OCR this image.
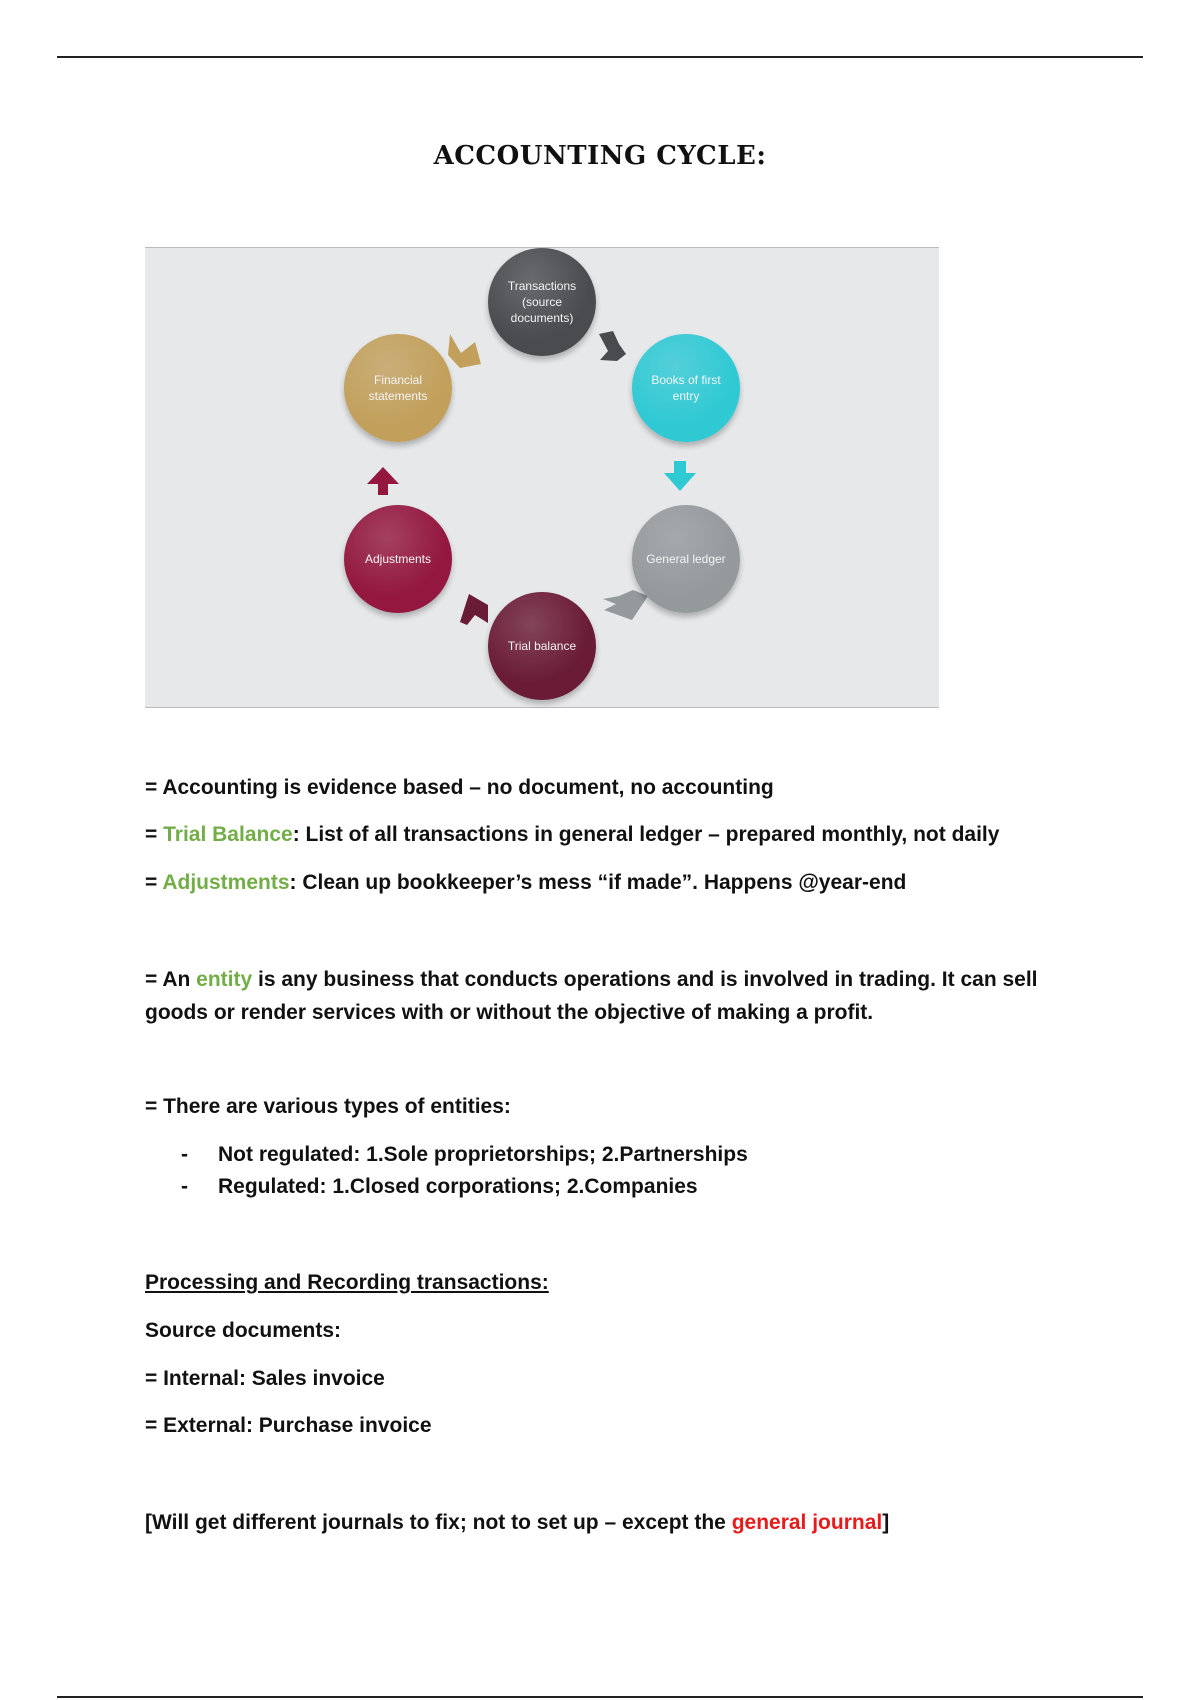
ACCOUNTING CYCLE:
Transactions (source documents)
Books of first entry
General ledger
Trial balance
Adjustments
Financial statements
= Accounting is evidence based – no document, no accounting
= Trial Balance: List of all transactions in general ledger – prepared monthly, not daily
= Adjustments: Clean up bookkeeper’s mess “if made”. Happens @year-end
= An entity is any business that conducts operations and is involved in trading. It can sell goods or render services with or without the objective of making a profit.
= There are various types of entities:
- Not regulated: 1.Sole proprietorships; 2.Partnerships
- Regulated: 1.Closed corporations; 2.Companies
Processing and Recording transactions:
Source documents:
= Internal: Sales invoice
= External: Purchase invoice
[Will get different journals to fix; not to set up – except the general journal]
